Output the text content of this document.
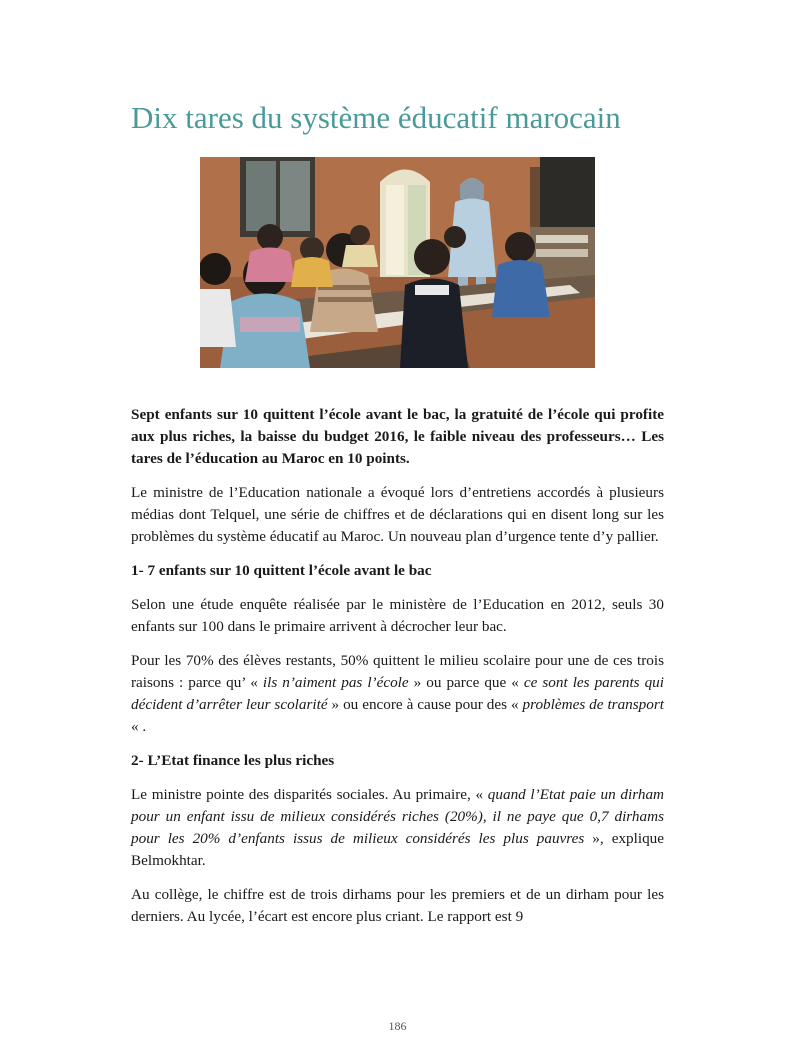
Dix tares du système éducatif marocain

Sept enfants sur 10 quittent l’école avant le bac, la gratuité de l’école qui profite aux plus riches, la baisse du budget 2016, le faible niveau des professeurs… Les tares de l’éducation au Maroc en 10 points.

Le ministre de l’Education nationale a évoqué lors d’entretiens accordés à plusieurs médias dont Telquel, une série de chiffres et de déclarations qui en disent long sur les problèmes du système éducatif au Maroc. Un nouveau plan d’urgence tente d’y pallier.

1- 7 enfants sur 10 quittent l’école avant le bac

Selon une étude enquête réalisée par le ministère de l’Education en 2012, seuls 30 enfants sur 100 dans le primaire arrivent à décrocher leur bac.

Pour les 70% des élèves restants, 50% quittent le milieu scolaire pour une de ces trois raisons : parce qu’ « ils n’aiment pas l’école » ou parce que « ce sont les parents qui décident d’arrêter leur scolarité » ou encore à cause pour des « problèmes de transport « .

2- L’Etat finance les plus riches

Le ministre pointe des disparités sociales. Au primaire, « quand l’Etat paie un dirham pour un enfant issu de milieux considérés riches (20%), il ne paye que 0,7 dirhams pour les 20% d’enfants issus de milieux considérés les plus pauvres », explique Belmokhtar.

Au collège, le chiffre est de trois dirhams pour les premiers et de un dirham pour les derniers. Au lycée, l’écart est encore plus criant. Le rapport est 9

186
